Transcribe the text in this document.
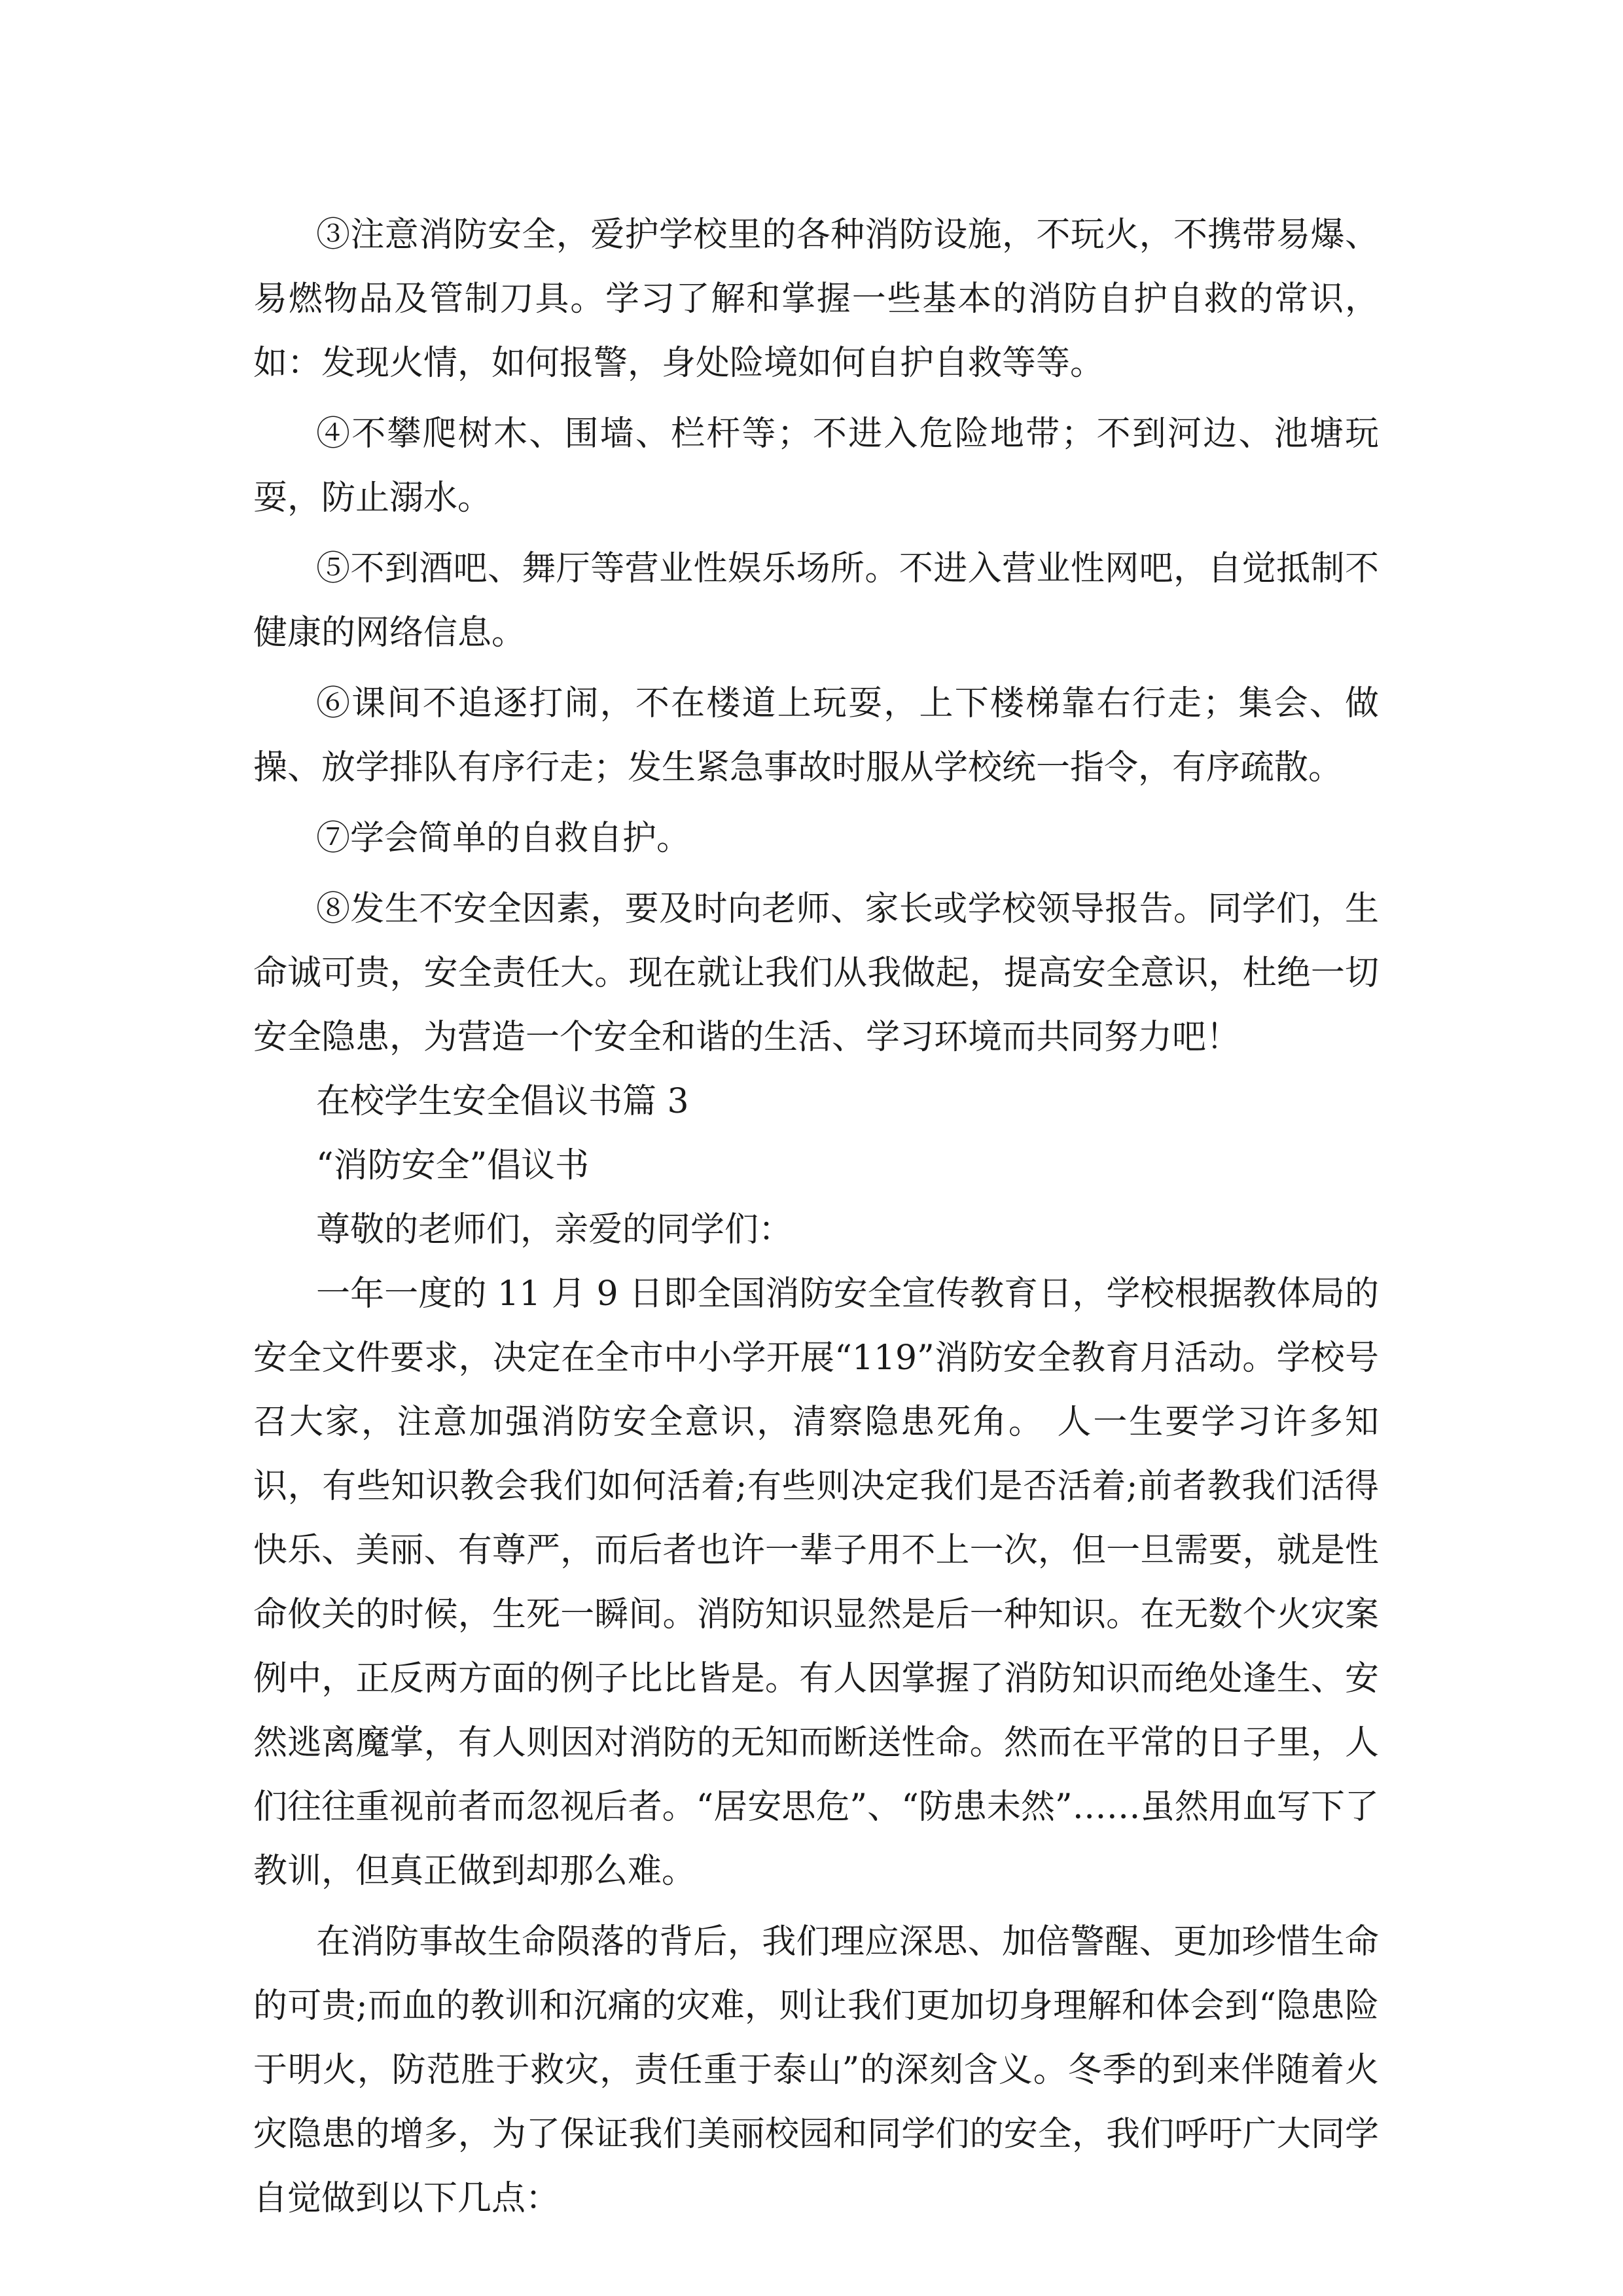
③注意消防安全，爱护学校里的各种消防设施，不玩火，不携带易爆、易燃物品及管制刀具。学习了解和掌握一些基本的消防自护自救的常识，如：发现火情，如何报警，身处险境如何自护自救等等。

④不攀爬树木、围墙、栏杆等；不进入危险地带；不到河边、池塘玩耍，防止溺水。

⑤不到酒吧、舞厅等营业性娱乐场所。不进入营业性网吧，自觉抵制不健康的网络信息。

⑥课间不追逐打闹，不在楼道上玩耍，上下楼梯靠右行走；集会、做操、放学排队有序行走；发生紧急事故时服从学校统一指令，有序疏散。

⑦学会简单的自救自护。

⑧发生不安全因素，要及时向老师、家长或学校领导报告。同学们，生命诚可贵，安全责任大。现在就让我们从我做起，提高安全意识，杜绝一切安全隐患，为营造一个安全和谐的生活、学习环境而共同努力吧！

在校学生安全倡议书篇 3

“消防安全”倡议书

尊敬的老师们，亲爱的同学们：

一年一度的 11 月 9 日即全国消防安全宣传教育日，学校根据教体局的安全文件要求，决定在全市中小学开展“119”消防安全教育月活动。学校号召大家，注意加强消防安全意识，清察隐患死角。 人一生要学习许多知识，有些知识教会我们如何活着;有些则决定我们是否活着;前者教我们活得快乐、美丽、有尊严，而后者也许一辈子用不上一次，但一旦需要，就是性命攸关的时候，生死一瞬间。消防知识显然是后一种知识。在无数个火灾案例中，正反两方面的例子比比皆是。有人因掌握了消防知识而绝处逢生、安然逃离魔掌，有人则因对消防的无知而断送性命。然而在平常的日子里，人们往往重视前者而忽视后者。“居安思危”、“防患未然”……虽然用血写下了教训，但真正做到却那么难。

在消防事故生命陨落的背后，我们理应深思、加倍警醒、更加珍惜生命的可贵;而血的教训和沉痛的灾难，则让我们更加切身理解和体会到“隐患险于明火，防范胜于救灾，责任重于泰山”的深刻含义。冬季的到来伴随着火灾隐患的增多，为了保证我们美丽校园和同学们的安全，我们呼吁广大同学自觉做到以下几点：
